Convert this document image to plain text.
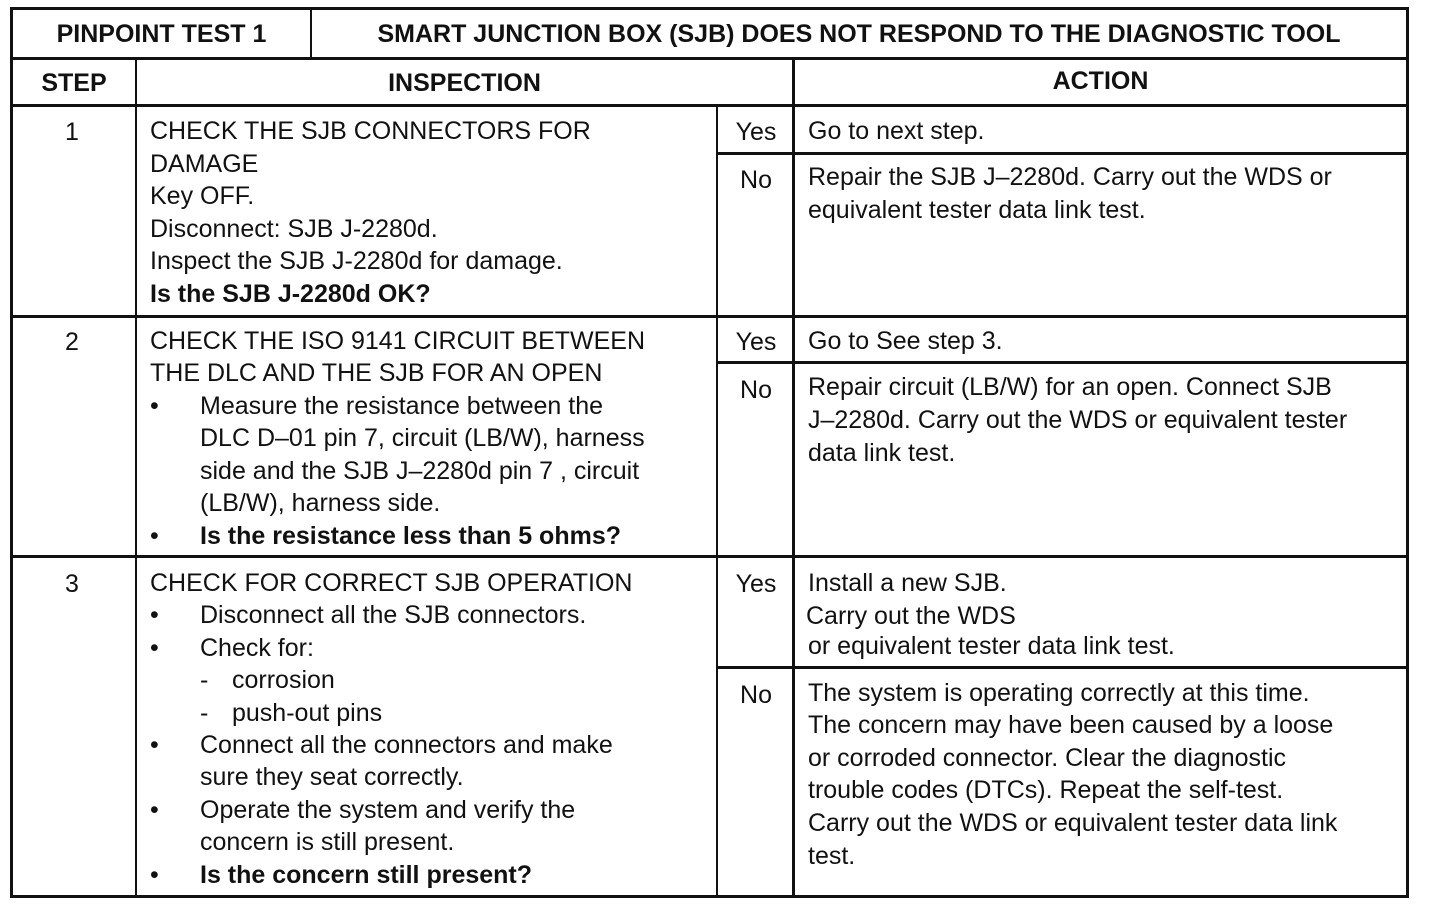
PINPOINT TEST 1	SMART JUNCTION BOX (SJB) DOES NOT RESPOND TO THE DIAGNOSTIC TOOL
STEP	INSPECTION	ACTION
1	CHECK THE SJB CONNECTORS FOR
DAMAGE
Key OFF.
Disconnect: SJB J-2280d.
Inspect the SJB J-2280d for damage.
Is the SJB J-2280d OK?
Yes	Go to next step.
No	Repair the SJB J–2280d. Carry out the WDS or
equivalent tester data link test.
2	CHECK THE ISO 9141 CIRCUIT BETWEEN
THE DLC AND THE SJB FOR AN OPEN
• Measure the resistance between the
DLC D–01 pin 7, circuit (LB/W), harness
side and the SJB J–2280d pin 7 , circuit
(LB/W), harness side.
• Is the resistance less than 5 ohms?
Yes	Go to See step 3.
No	Repair circuit (LB/W) for an open. Connect SJB
J–2280d. Carry out the WDS or equivalent tester
data link test.
3	CHECK FOR CORRECT SJB OPERATION
• Disconnect all the SJB connectors.
• Check for:
- corrosion
- push-out pins
• Connect all the connectors and make
sure they seat correctly.
• Operate the system and verify the
concern is still present.
• Is the concern still present?
Yes	Install a new SJB.
Carry out the WDS
or equivalent tester data link test.
No	The system is operating correctly at this time.
The concern may have been caused by a loose
or corroded connector. Clear the diagnostic
trouble codes (DTCs). Repeat the self-test.
Carry out the WDS or equivalent tester data link
test.
